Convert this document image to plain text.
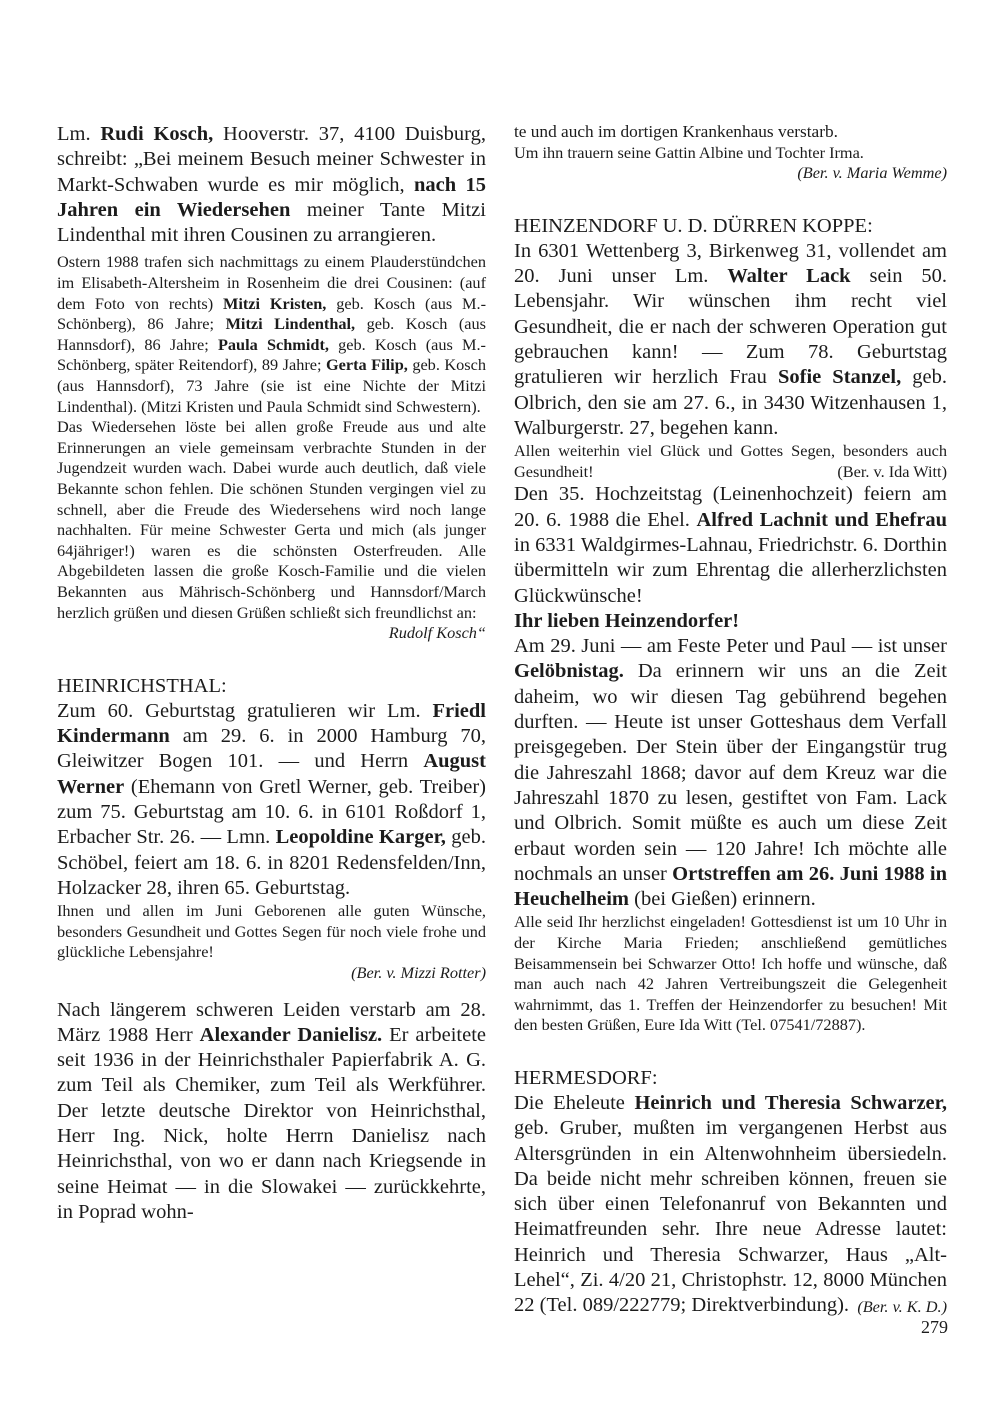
Lm. Rudi Kosch, Hooverstr. 37, 4100 Duisburg, schreibt: „Bei meinem Besuch meiner Schwester in Markt-Schwaben wurde es mir möglich, nach 15 Jahren ein Wiedersehen meiner Tante Mitzi Lindenthal mit ihren Cousinen zu arrangieren.

Ostern 1988 trafen sich nachmittags zu einem Plauderstündchen im Elisabeth-Altersheim in Rosenheim die drei Cousinen: (auf dem Foto von rechts) Mitzi Kristen, geb. Kosch (aus M.-Schönberg), 86 Jahre; Mitzi Lindenthal, geb. Kosch (aus Hannsdorf), 86 Jahre; Paula Schmidt, geb. Kosch (aus M.-Schönberg, später Reitendorf), 89 Jahre; Gerta Filip, geb. Kosch (aus Hannsdorf), 73 Jahre (sie ist eine Nichte der Mitzi Lindenthal). (Mitzi Kristen und Paula Schmidt sind Schwestern).

Das Wiedersehen löste bei allen große Freude aus und alte Erinnerungen an viele gemeinsam verbrachte Stunden in der Jugendzeit wurden wach. Dabei wurde auch deutlich, daß viele Bekannte schon fehlen. Die schönen Stunden vergingen viel zu schnell, aber die Freude des Wiedersehens wird noch lange nachhalten. Für meine Schwester Gerta und mich (als junger 64jähriger!) waren es die schönsten Osterfreuden. Alle Abgebildeten lassen die große Kosch-Familie und die vielen Bekannten aus Mährisch-Schönberg und Hannsdorf/March herzlich grüßen und diesen Grüßen schließt sich freundlichst an:

Rudolf Kosch“

HEINRICHSTHAL:

Zum 60. Geburtstag gratulieren wir Lm. Friedl Kindermann am 29. 6. in 2000 Hamburg 70, Gleiwitzer Bogen 101. — und Herrn August Werner (Ehemann von Gretl Werner, geb. Treiber) zum 75. Geburtstag am 10. 6. in 6101 Roßdorf 1, Erbacher Str. 26. — Lmn. Leopoldine Karger, geb. Schöbel, feiert am 18. 6. in 8201 Redensfelden/Inn, Holzacker 28, ihren 65. Geburtstag.

Ihnen und allen im Juni Geborenen alle guten Wünsche, besonders Gesundheit und Gottes Segen für noch viele frohe und glückliche Lebensjahre!

(Ber. v. Mizzi Rotter)

Nach längerem schweren Leiden verstarb am 28. März 1988 Herr Alexander Danielisz. Er arbeitete seit 1936 in der Heinrichsthaler Papierfabrik A. G. zum Teil als Chemiker, zum Teil als Werkführer. Der letzte deutsche Direktor von Heinrichsthal, Herr Ing. Nick, holte Herrn Danielisz nach Heinrichsthal, von wo er dann nach Kriegsende in seine Heimat — in die Slowakei — zurückkehrte, in Poprad wohn-

te und auch im dortigen Krankenhaus verstarb.

Um ihn trauern seine Gattin Albine und Tochter Irma.
(Ber. v. Maria Wemme)

HEINZENDORF U. D. DÜRREN KOPPE:

In 6301 Wettenberg 3, Birkenweg 31, vollendet am 20. Juni unser Lm. Walter Lack sein 50. Lebensjahr. Wir wünschen ihm recht viel Gesundheit, die er nach der schweren Operation gut gebrauchen kann! — Zum 78. Geburtstag gratulieren wir herzlich Frau Sofie Stanzel, geb. Olbrich, den sie am 27. 6., in 3430 Witzenhausen 1, Walburgerstr. 27, begehen kann.

Allen weiterhin viel Glück und Gottes Segen, besonders auch Gesundheit!	(Ber. v. Ida Witt)

Den 35. Hochzeitstag (Leinenhochzeit) feiern am 20. 6. 1988 die Ehel. Alfred Lachnit und Ehefrau in 6331 Waldgirmes-Lahnau, Friedrichstr. 6. Dorthin übermitteln wir zum Ehrentag die allerherzlichsten Glückwünsche!

Ihr lieben Heinzendorfer!

Am 29. Juni — am Feste Peter und Paul — ist unser Gelöbnistag. Da erinnern wir uns an die Zeit daheim, wo wir diesen Tag gebührend begehen durften. — Heute ist unser Gotteshaus dem Verfall preisgegeben. Der Stein über der Eingangstür trug die Jahreszahl 1868; davor auf dem Kreuz war die Jahreszahl 1870 zu lesen, gestiftet von Fam. Lack und Olbrich. Somit müßte es auch um diese Zeit erbaut worden sein — 120 Jahre! Ich möchte alle nochmals an unser Ortstreffen am 26. Juni 1988 in Heuchelheim (bei Gießen) erinnern.

Alle seid Ihr herzlichst eingeladen! Gottesdienst ist um 10 Uhr in der Kirche Maria Frieden; anschließend gemütliches Beisammensein bei Schwarzer Otto! Ich hoffe und wünsche, daß man auch nach 42 Jahren Vertreibungszeit die Gelegenheit wahrnimmt, das 1. Treffen der Heinzendorfer zu besuchen! Mit den besten Grüßen, Eure Ida Witt (Tel. 07541/72887).

HERMESDORF:

Die Eheleute Heinrich und Theresia Schwarzer, geb. Gruber, mußten im vergangenen Herbst aus Altersgründen in ein Altenwohnheim übersiedeln. Da beide nicht mehr schreiben können, freuen sie sich über einen Telefonanruf von Bekannten und Heimatfreunden sehr. Ihre neue Adresse lautet: Heinrich und Theresia Schwarzer, Haus „Alt-Lehel“, Zi. 4/20 21, Christophstr. 12, 8000 München 22 (Tel. 089/222779; Direktverbindung). (Ber. v. K. D.)

279
